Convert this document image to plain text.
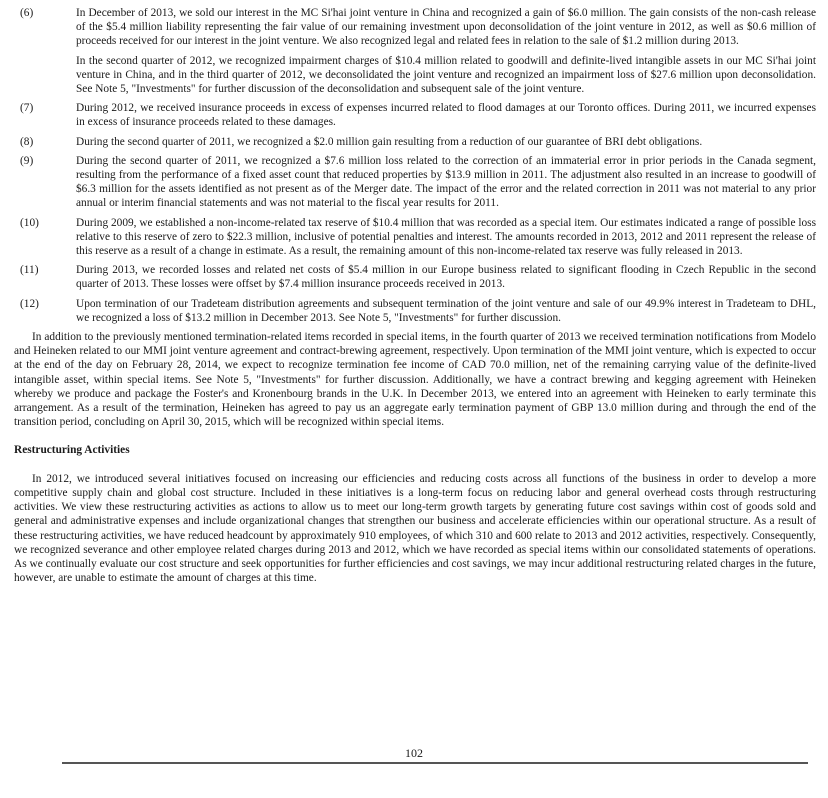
(6)	In December of 2013, we sold our interest in the MC Si'hai joint venture in China and recognized a gain of $6.0 million. The gain consists of the non-cash release of the $5.4 million liability representing the fair value of our remaining investment upon deconsolidation of the joint venture in 2012, as well as $0.6 million of proceeds received for our interest in the joint venture. We also recognized legal and related fees in relation to the sale of $1.2 million during 2013.

In the second quarter of 2012, we recognized impairment charges of $10.4 million related to goodwill and definite-lived intangible assets in our MC Si'hai joint venture in China, and in the third quarter of 2012, we deconsolidated the joint venture and recognized an impairment loss of $27.6 million upon deconsolidation. See Note 5, "Investments" for further discussion of the deconsolidation and subsequent sale of the joint venture.

(7)	During 2012, we received insurance proceeds in excess of expenses incurred related to flood damages at our Toronto offices. During 2011, we incurred expenses in excess of insurance proceeds related to these damages.

(8)	During the second quarter of 2011, we recognized a $2.0 million gain resulting from a reduction of our guarantee of BRI debt obligations.

(9)	During the second quarter of 2011, we recognized a $7.6 million loss related to the correction of an immaterial error in prior periods in the Canada segment, resulting from the performance of a fixed asset count that reduced properties by $13.9 million in 2011. The adjustment also resulted in an increase to goodwill of $6.3 million for the assets identified as not present as of the Merger date. The impact of the error and the related correction in 2011 was not material to any prior annual or interim financial statements and was not material to the fiscal year results for 2011.

(10)	During 2009, we established a non-income-related tax reserve of $10.4 million that was recorded as a special item. Our estimates indicated a range of possible loss relative to this reserve of zero to $22.3 million, inclusive of potential penalties and interest. The amounts recorded in 2013, 2012 and 2011 represent the release of this reserve as a result of a change in estimate. As a result, the remaining amount of this non-income-related tax reserve was fully released in 2013.

(11)	During 2013, we recorded losses and related net costs of $5.4 million in our Europe business related to significant flooding in Czech Republic in the second quarter of 2013. These losses were offset by $7.4 million insurance proceeds received in 2013.

(12)	Upon termination of our Tradeteam distribution agreements and subsequent termination of the joint venture and sale of our 49.9% interest in Tradeteam to DHL, we recognized a loss of $13.2 million in December 2013. See Note 5, "Investments" for further discussion.

In addition to the previously mentioned termination-related items recorded in special items, in the fourth quarter of 2013 we received termination notifications from Modelo and Heineken related to our MMI joint venture agreement and contract-brewing agreement, respectively. Upon termination of the MMI joint venture, which is expected to occur at the end of the day on February 28, 2014, we expect to recognize termination fee income of CAD 70.0 million, net of the remaining carrying value of the definite-lived intangible asset, within special items. See Note 5, "Investments" for further discussion. Additionally, we have a contract brewing and kegging agreement with Heineken whereby we produce and package the Foster's and Kronenbourg brands in the U.K. In December 2013, we entered into an agreement with Heineken to early terminate this arrangement. As a result of the termination, Heineken has agreed to pay us an aggregate early termination payment of GBP 13.0 million during and through the end of the transition period, concluding on April 30, 2015, which will be recognized within special items.

Restructuring Activities

In 2012, we introduced several initiatives focused on increasing our efficiencies and reducing costs across all functions of the business in order to develop a more competitive supply chain and global cost structure. Included in these initiatives is a long-term focus on reducing labor and general overhead costs through restructuring activities. We view these restructuring activities as actions to allow us to meet our long-term growth targets by generating future cost savings within cost of goods sold and general and administrative expenses and include organizational changes that strengthen our business and accelerate efficiencies within our operational structure. As a result of these restructuring activities, we have reduced headcount by approximately 910 employees, of which 310 and 600 relate to 2013 and 2012 activities, respectively. Consequently, we recognized severance and other employee related charges during 2013 and 2012, which we have recorded as special items within our consolidated statements of operations. As we continually evaluate our cost structure and seek opportunities for further efficiencies and cost savings, we may incur additional restructuring related charges in the future, however, are unable to estimate the amount of charges at this time.

102
